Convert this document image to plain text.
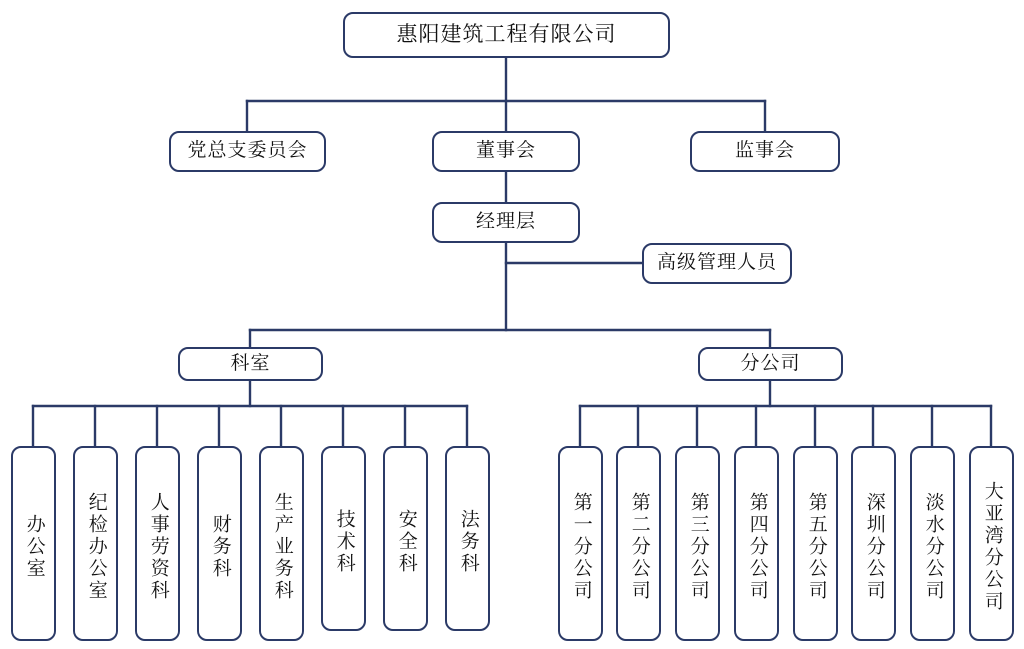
惠阳建筑工程有限公司
党总支委员会	董事会	监事会
经理层
高级管理人员
科室	分公司
办公室	纪检办公室	人事劳资科	财务科	生产业务科	技术科	安全科	法务科	第一分公司	第二分公司	第三分公司	第四分公司	第五分公司	深圳分公司	淡水分公司	大亚湾分公司
